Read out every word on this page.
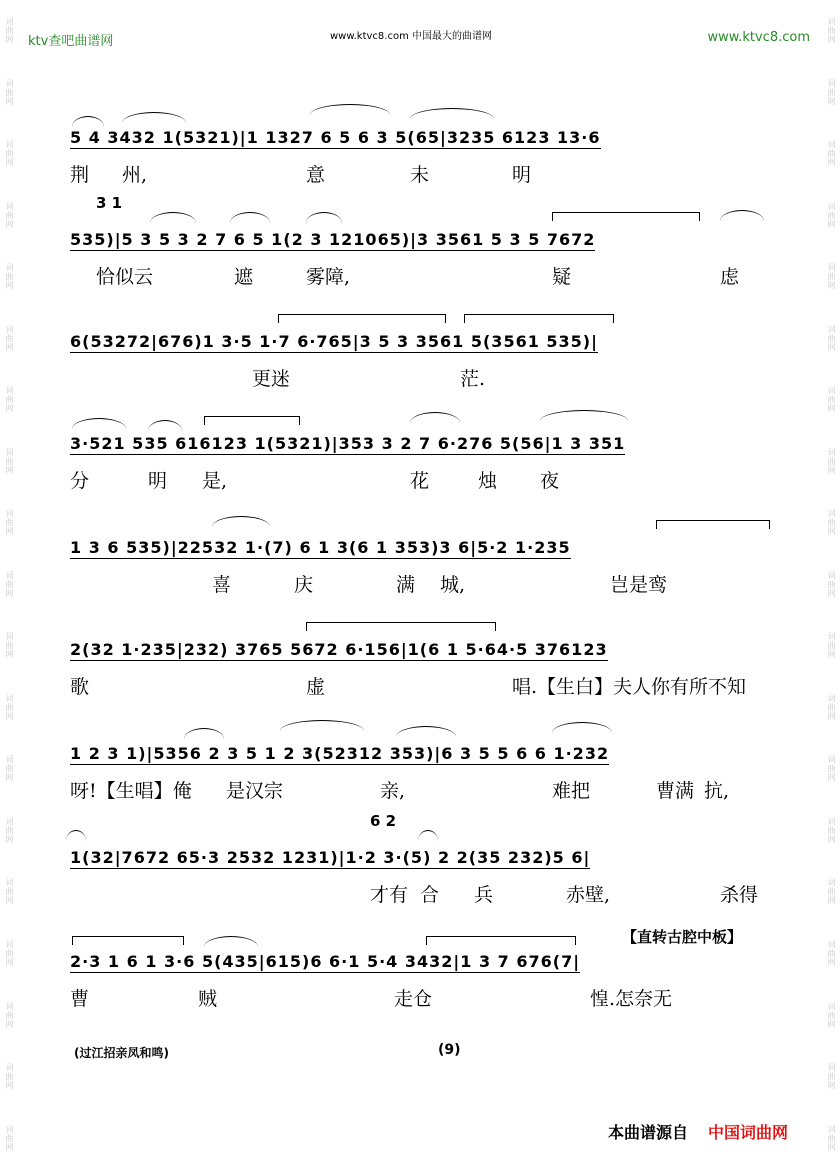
词曲网
词曲网
词曲网
词曲网
词曲网
词曲网
词曲网
词曲网
词曲网
词曲网
词曲网
词曲网
词曲网
词曲网
词曲网
词曲网
词曲网
词曲网
词曲网
词曲网
词曲网
词曲网
词曲网
词曲网
词曲网
词曲网
词曲网
词曲网
词曲网
词曲网
词曲网
词曲网
词曲网
词曲网
词曲网
词曲网
词曲网
词曲网
ktv查吧曲谱网	www.ktvc8.com 中国最大的曲谱网	www.ktvc8.com
5 4 3432 1(5321)|1 1327 6 5 6 3 5(65|3235 6123 13·6
荆 州,	意	未	明
3 1
535)|5 3 5 3 2 7 6 5 1(2 3 121065)|3 3561 5 3 5 7672
恰似云	遮	雾障,	疑	虑
6(53272|676)1 3·5 1·7 6·765|3 5 3 3561 5(3561 535)|
更迷	茫.
3·521 535 616123 1(5321)|353 3 2 7 6·276 5(56|1 3 351
分	明 是,	花	烛 夜
1 3 6 535)|22532 1·(7) 6 1 3(6 1 353)3 6|5·2 1·235
喜	庆	满 城,	岂是鸾
2(32 1·235|232) 3765 5672 6·156|1(6 1 5·64·5 376123
歌	虚	唱.【生白】夫人你有所不知
1 2 3 1)|5356 2 3 5 1 2 3(52312 353)|6 3 5 5 6 6 1·232
呀!【生唱】俺 是汉宗	亲,	难把	曹满 抗,
6 2
1(32|7672 65·3 2532 1231)|1·2 3·(5) 2 2(35 232)5 6|
才有 合 兵	赤壁,	杀得
【直转古腔中板】
2·3 1 6 1 3·6 5(435|615)6 6·1 5·4 3432|1 3 7 676(7|
曹	贼	走仓	惶.怎奈无
(过江招亲凤和鸣)	(9)
本曲谱源自 中国词曲网
